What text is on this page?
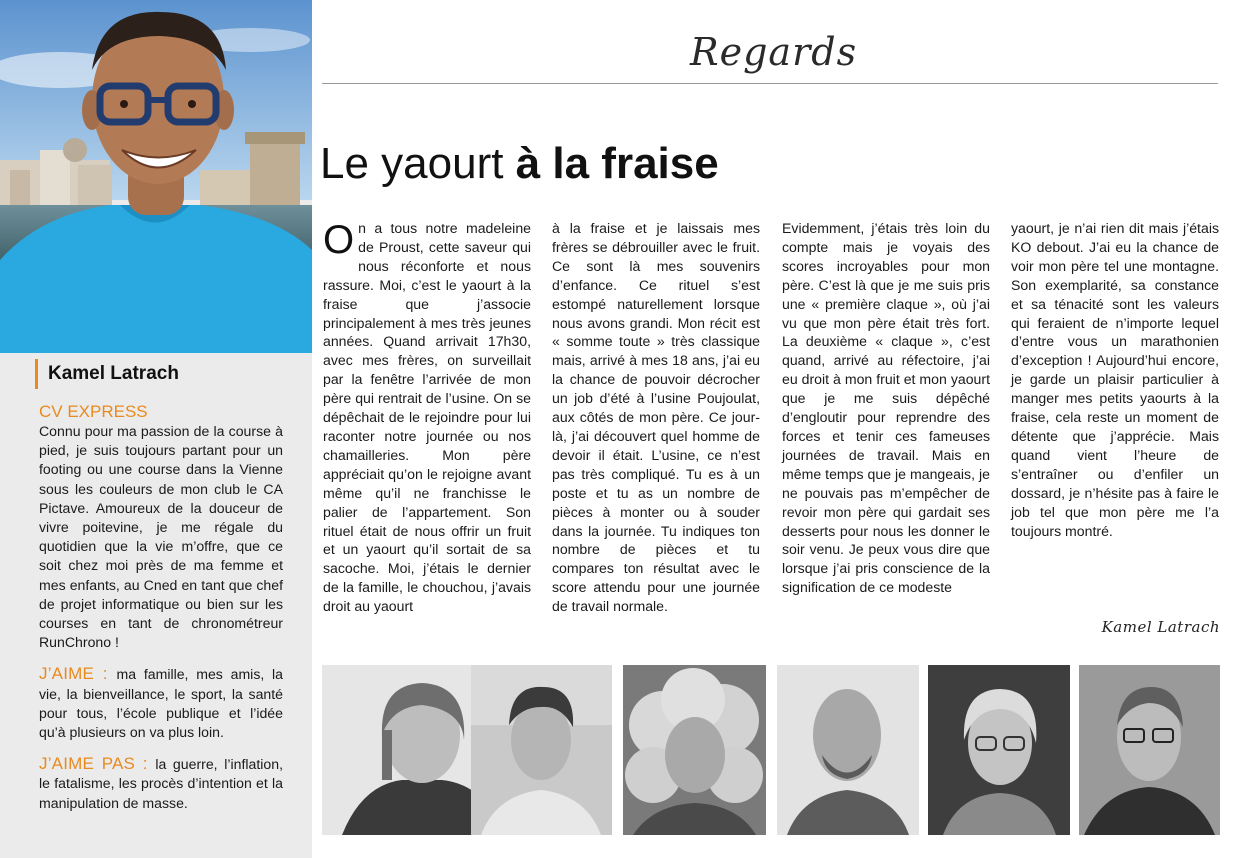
Kamel Latrach
CV EXPRESS

Connu pour ma passion de la course à pied, je suis toujours partant pour un footing ou une course dans la Vienne sous les couleurs de mon club le CA Pictave. Amoureux de la douceur de vivre poitevine, je me régale du quotidien que la vie m’offre, que ce soit chez moi près de ma femme et mes enfants, au Cned en tant que chef de projet informatique ou bien sur les courses en tant de chronométreur RunChrono !

J’AIME : ma famille, mes amis, la vie, la bienveillance, le sport, la santé pour tous, l’école publique et l’idée qu’à plusieurs on va plus loin.

J’AIME PAS : la guerre, l’inflation, le fatalisme, les procès d’intention et la manipulation de masse.

Regards
Le yaourt à la fraise
On a tous notre madeleine de Proust, cette saveur qui nous réconforte et nous rassure. Moi, c’est le yaourt à la fraise que j’associe principalement à mes très jeunes années. Quand arrivait 17h30, avec mes frères, on surveillait par la fenêtre l’arrivée de mon père qui rentrait de l’usine. On se dépêchait de le rejoindre pour lui raconter notre journée ou nos chamailleries. Mon père appréciait qu’on le rejoigne avant même qu’il ne franchisse le palier de l’appartement. Son rituel était de nous offrir un fruit et un yaourt qu’il sortait de sa sacoche. Moi, j’étais le dernier de la famille, le chouchou, j’avais droit au yaourt
à la fraise et je laissais mes frères se débrouiller avec le fruit. Ce sont là mes souvenirs d’enfance. Ce rituel s’est estompé naturellement lorsque nous avons grandi. Mon récit est « somme toute » très classique mais, arrivé à mes 18 ans, j’ai eu la chance de pouvoir décrocher un job d’été à l’usine Poujoulat, aux côtés de mon père. Ce jour-là, j’ai découvert quel homme de devoir il était. L’usine, ce n’est pas très compliqué. Tu es à un poste et tu as un nombre de pièces à monter ou à souder dans la journée. Tu indiques ton nombre de pièces et tu compares ton résultat avec le score attendu pour une journée de travail normale.
Evidemment, j’étais très loin du compte mais je voyais des scores incroyables pour mon père. C’est là que je me suis pris une « première claque », où j’ai vu que mon père était très fort. La deuxième « claque », c’est quand, arrivé au réfectoire, j’ai eu droit à mon fruit et mon yaourt que je me suis dépêché d’engloutir pour reprendre des forces et tenir ces fameuses journées de travail. Mais en même temps que je mangeais, je ne pouvais pas m’empêcher de revoir mon père qui gardait ses desserts pour nous les donner le soir venu. Je peux vous dire que lorsque j’ai pris conscience de la signification de ce modeste
yaourt, je n’ai rien dit mais j’étais KO debout. J’ai eu la chance de voir mon père tel une montagne. Son exemplarité, sa constance et sa ténacité sont les valeurs qui feraient de n’importe lequel d’entre vous un marathonien d’exception ! Aujourd’hui encore, je garde un plaisir particulier à manger mes petits yaourts à la fraise, cela reste un moment de détente que j’apprécie. Mais quand vient l’heure de s’entraîner ou d’enfiler un dossard, je n’hésite pas à faire le job tel que mon père me l’a toujours montré.
Kamel Latrach
